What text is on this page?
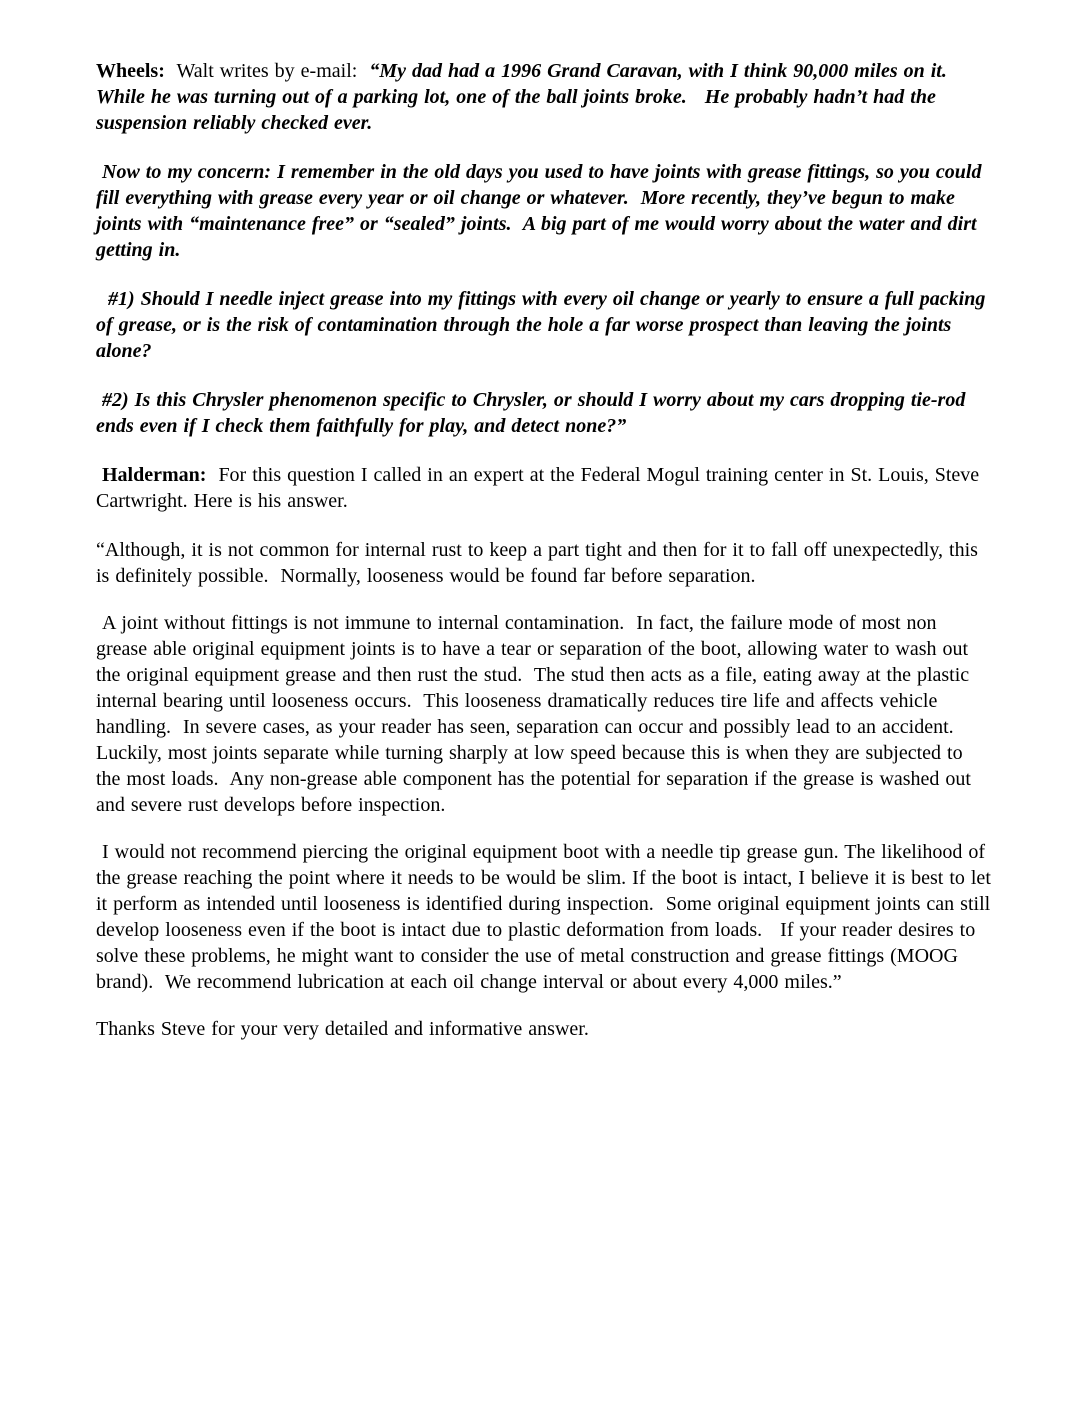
Wheels:  Walt writes by e-mail:  “My dad had a 1996 Grand Caravan, with I think 90,000 miles on it. While he was turning out of a parking lot, one of the ball joints broke.   He probably hadn’t had the suspension reliably checked ever.

Now to my concern: I remember in the old days you used to have joints with grease fittings, so you could fill everything with grease every year or oil change or whatever.  More recently, they’ve begun to make joints with “maintenance free” or “sealed” joints.  A big part of me would worry about the water and dirt getting in.

#1) Should I needle inject grease into my fittings with every oil change or yearly to ensure a full packing of grease, or is the risk of contamination through the hole a far worse prospect than leaving the joints alone?

#2) Is this Chrysler phenomenon specific to Chrysler, or should I worry about my cars dropping tie-rod ends even if I check them faithfully for play, and detect none?”

Halderman:  For this question I called in an expert at the Federal Mogul training center in St. Louis, Steve Cartwright. Here is his answer.

“Although, it is not common for internal rust to keep a part tight and then for it to fall off unexpectedly, this is definitely possible.  Normally, looseness would be found far before separation.

A joint without fittings is not immune to internal contamination.  In fact, the failure mode of most non grease able original equipment joints is to have a tear or separation of the boot, allowing water to wash out the original equipment grease and then rust the stud.  The stud then acts as a file, eating away at the plastic internal bearing until looseness occurs.  This looseness dramatically reduces tire life and affects vehicle handling.  In severe cases, as your reader has seen, separation can occur and possibly lead to an accident.  Luckily, most joints separate while turning sharply at low speed because this is when they are subjected to the most loads.  Any non-grease able component has the potential for separation if the grease is washed out and severe rust develops before inspection.

I would not recommend piercing the original equipment boot with a needle tip grease gun. The likelihood of the grease reaching the point where it needs to be would be slim. If the boot is intact, I believe it is best to let it perform as intended until looseness is identified during inspection.  Some original equipment joints can still develop looseness even if the boot is intact due to plastic deformation from loads.   If your reader desires to solve these problems, he might want to consider the use of metal construction and grease fittings (MOOG brand).  We recommend lubrication at each oil change interval or about every 4,000 miles.”

Thanks Steve for your very detailed and informative answer.
